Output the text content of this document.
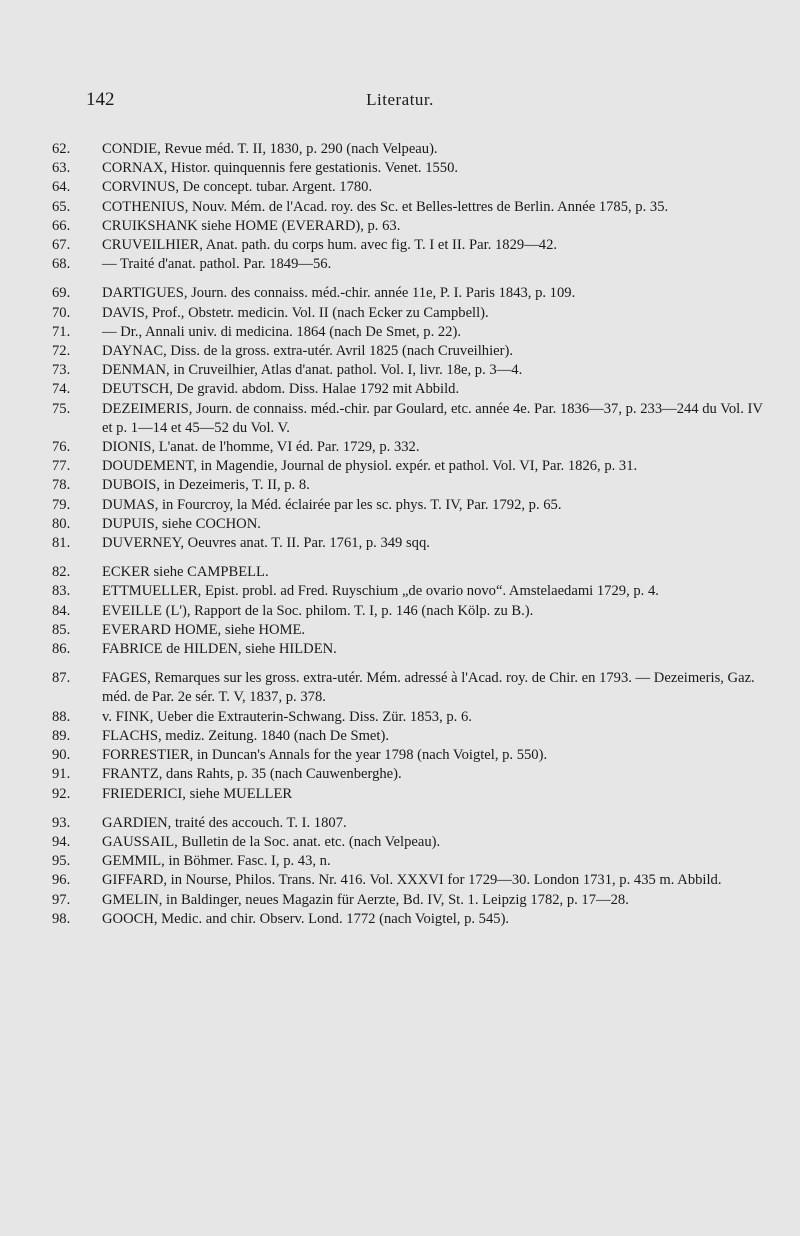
142	Literatur.
62.	CONDIE, Revue méd. T. II, 1830, p. 290 (nach Velpeau).
63.	CORNAX, Histor. quinquennis fere gestationis. Venet. 1550.
64.	CORVINUS, De concept. tubar. Argent. 1780.
65.	COTHENIUS, Nouv. Mém. de l'Acad. roy. des Sc. et Belles-lettres de Berlin. Année 1785, p. 35.
66.	CRUIKSHANK siehe HOME (EVERARD), p. 63.
67.	CRUVEILHIER, Anat. path. du corps hum. avec fig. T. I et II. Par. 1829—42.
68.	— Traité d'anat. pathol. Par. 1849—56.
69.	DARTIGUES, Journ. des connaiss. méd.-chir. année 11e, P. I. Paris 1843, p. 109.
70.	DAVIS, Prof., Obstetr. medicin. Vol. II (nach Ecker zu Campbell).
71.	— Dr., Annali univ. di medicina. 1864 (nach De Smet, p. 22).
72.	DAYNAC, Diss. de la gross. extra-utér. Avril 1825 (nach Cruveilhier).
73.	DENMAN, in Cruveilhier, Atlas d'anat. pathol. Vol. I, livr. 18e, p. 3—4.
74.	DEUTSCH, De gravid. abdom. Diss. Halae 1792 mit Abbild.
75.	DEZEIMERIS, Journ. de connaiss. méd.-chir. par Goulard, etc. année 4e. Par. 1836—37, p. 233—244 du Vol. IV et p. 1—14 et 45—52 du Vol. V.
76.	DIONIS, L'anat. de l'homme, VI éd. Par. 1729, p. 332.
77.	DOUDEMENT, in Magendie, Journal de physiol. expér. et pathol. Vol. VI, Par. 1826, p. 31.
78.	DUBOIS, in Dezeimeris, T. II, p. 8.
79.	DUMAS, in Fourcroy, la Méd. éclairée par les sc. phys. T. IV, Par. 1792, p. 65.
80.	DUPUIS, siehe COCHON.
81.	DUVERNEY, Oeuvres anat. T. II. Par. 1761, p. 349 sqq.
82.	ECKER siehe CAMPBELL.
83.	ETTMUELLER, Epist. probl. ad Fred. Ruyschium „de ovario novo“. Amstelaedami 1729, p. 4.
84.	EVEILLE (L'), Rapport de la Soc. philom. T. I, p. 146 (nach Kölp. zu B.).
85.	EVERARD HOME, siehe HOME.
86.	FABRICE de HILDEN, siehe HILDEN.
87.	FAGES, Remarques sur les gross. extra-utér. Mém. adressé à l'Acad. roy. de Chir. en 1793. — Dezeimeris, Gaz. méd. de Par. 2e sér. T. V, 1837, p. 378.
88.	v. FINK, Ueber die Extrauterin-Schwang. Diss. Zür. 1853, p. 6.
89.	FLACHS, mediz. Zeitung. 1840 (nach De Smet).
90.	FORRESTIER, in Duncan's Annals for the year 1798 (nach Voigtel, p. 550).
91.	FRANTZ, dans Rahts, p. 35 (nach Cauwenberghe).
92.	FRIEDERICI, siehe MUELLER
93.	GARDIEN, traité des accouch. T. I. 1807.
94.	GAUSSAIL, Bulletin de la Soc. anat. etc. (nach Velpeau).
95.	GEMMIL, in Böhmer. Fasc. I, p. 43, n.
96.	GIFFARD, in Nourse, Philos. Trans. Nr. 416. Vol. XXXVI for 1729—30. London 1731, p. 435 m. Abbild.
97.	GMELIN, in Baldinger, neues Magazin für Aerzte, Bd. IV, St. 1. Leipzig 1782, p. 17—28.
98.	GOOCH, Medic. and chir. Observ. Lond. 1772 (nach Voigtel, p. 545).
